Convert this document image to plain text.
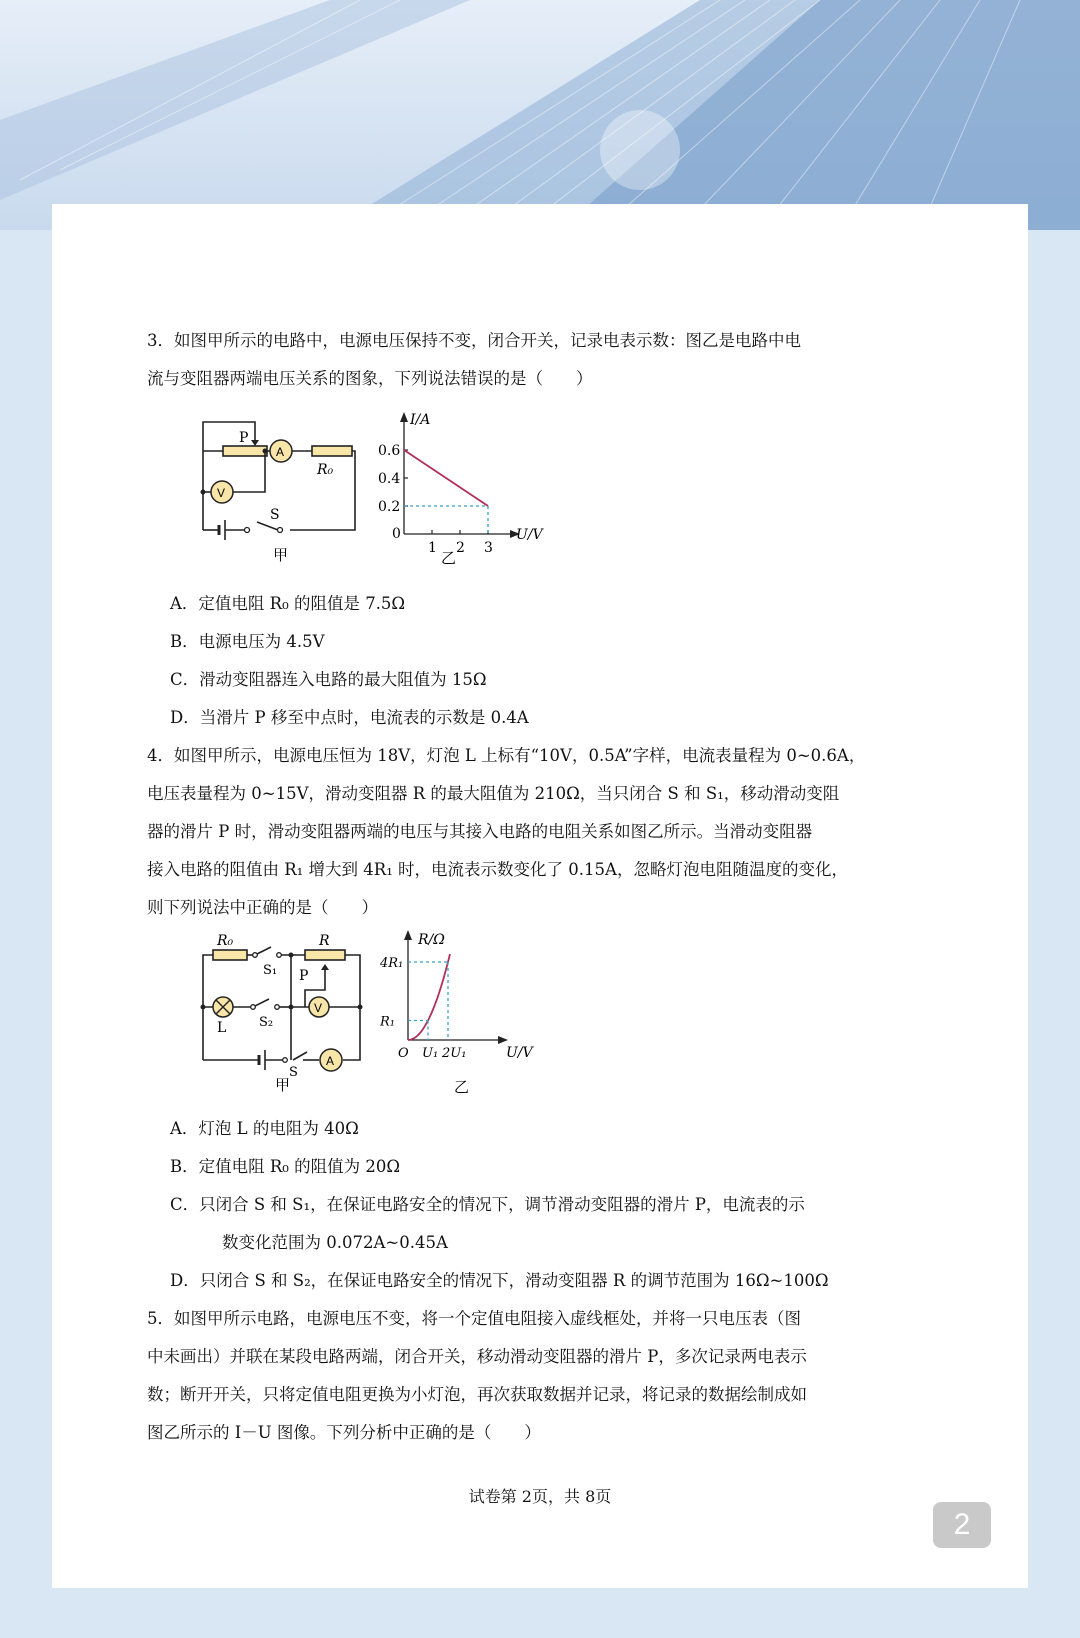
3．如图甲所示的电路中，电源电压保持不变，闭合开关，记录电表示数：图乙是电路中电

流与变阻器两端电压关系的图象，下列说法错误的是（　　）

P
A
R₀
V
S
甲
0
1 2 3
0.2
0.4
0.6
I/A
U/V
乙
A．定值电阻 R₀ 的阻值是 7.5Ω
B．电源电压为 4.5V
C．滑动变阻器连入电路的最大阻值为 15Ω
D．当滑片 P 移至中点时，电流表的示数是 0.4A

4．如图甲所示，电源电压恒为 18V，灯泡 L 上标有“10V，0.5A”字样，电流表量程为 0~0.6A，

电压表量程为 0~15V，滑动变阻器 R 的最大阻值为 210Ω，当只闭合 S 和 S₁，移动滑动变阻

器的滑片 P 时，滑动变阻器两端的电压与其接入电路的电阻关系如图乙所示。当滑动变阻器

接入电路的阻值由 R₁ 增大到 4R₁ 时，电流表示数变化了 0.15A，忽略灯泡电阻随温度的变化，

则下列说法中正确的是（　　）

R₀	R
S₁ P
L	S₂
V
S
A
甲
R₁
4R₁
O U₁ 2U₁
R/Ω
U/V
乙
A．灯泡 L 的电阻为 40Ω
B．定值电阻 R₀ 的阻值为 20Ω
C．只闭合 S 和 S₁，在保证电路安全的情况下，调节滑动变阻器的滑片 P，电流表的示
数变化范围为 0.072A~0.45A
D．只闭合 S 和 S₂，在保证电路安全的情况下，滑动变阻器 R 的调节范围为 16Ω~100Ω

5．如图甲所示电路，电源电压不变，将一个定值电阻接入虚线框处，并将一只电压表（图

中未画出）并联在某段电路两端，闭合开关，移动滑动变阻器的滑片 P，多次记录两电表示

数；断开开关，只将定值电阻更换为小灯泡，再次获取数据并记录，将记录的数据绘制成如

图乙所示的 I－U 图像。下列分析中正确的是（　　）

试卷第 2页，共 8页
2
